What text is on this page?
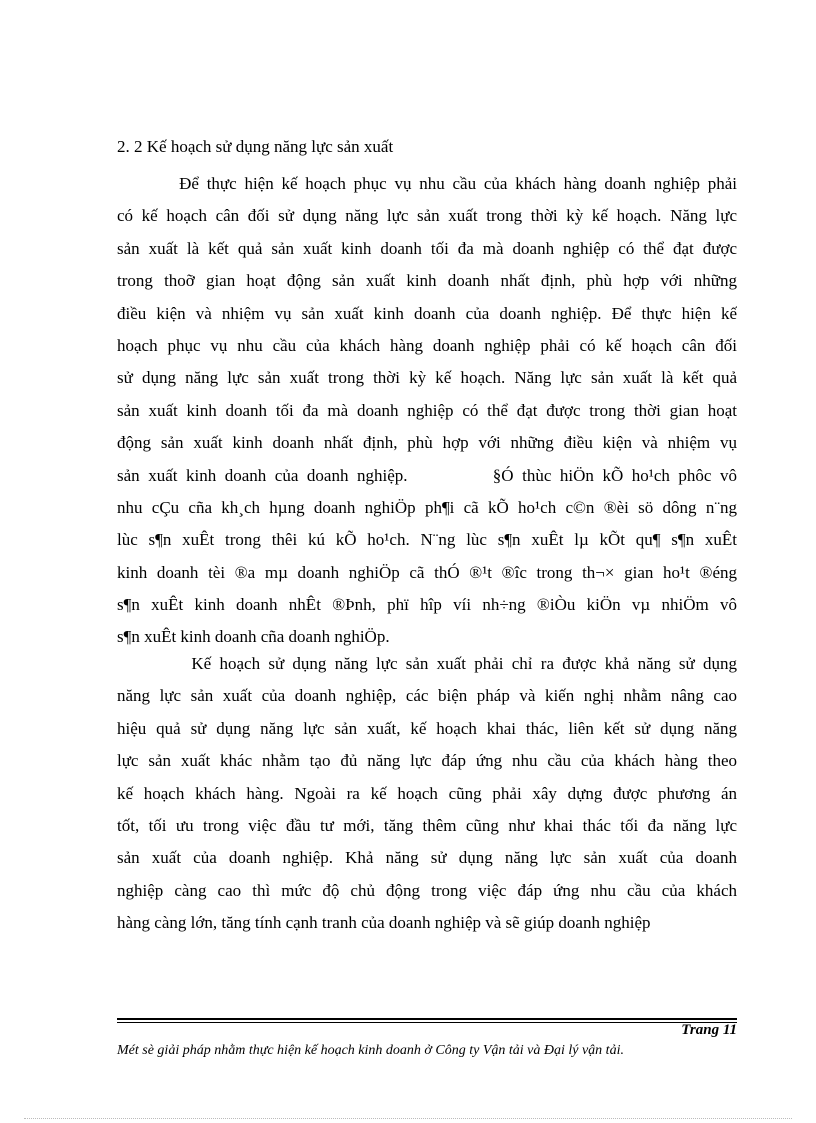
2. 2 Kế hoạch sử dụng năng lực sản xuất
Để thực hiện kế hoạch phục vụ nhu cầu của khách hàng doanh nghiệp phải
có kế hoạch cân đối sử dụng năng lực sản xuất trong thời kỳ kế hoạch. Năng lực
sản xuất là kết quả sản xuất kinh doanh tối đa mà doanh nghiệp có thể đạt được
trong thoỡ gian hoạt động sản xuất kinh doanh nhất định, phù hợp với những
điều kiện và nhiệm vụ sản xuất kinh doanh của doanh nghiệp. Để thực hiện kế
hoạch phục vụ nhu cầu của khách hàng doanh nghiệp phải có kế hoạch cân đối
sử dụng năng lực sản xuất trong thời kỳ kế hoạch. Năng lực sản xuất là kết quả
sản xuất kinh doanh tối đa mà doanh nghiệp có thể đạt được trong thời gian hoạt
động sản xuất kinh doanh nhất định, phù hợp với những điều kiện và nhiệm vụ
sản xuất kinh doanh của doanh nghiệp.          §Ó thùc hiÖn kÕ ho¹ch phôc vô
nhu cÇu cña kh¸ch hµng doanh nghiÖp ph¶i cã kÕ ho¹ch c©n ®èi sö dông n¨ng
lùc s¶n xuÊt trong thêi kú kÕ ho¹ch. N¨ng lùc s¶n xuÊt lµ kÕt qu¶ s¶n xuÊt
kinh doanh tèi ®a mµ doanh nghiÖp cã thÓ ®¹t ®îc trong th¬× gian ho¹t ®éng
s¶n xuÊt kinh doanh nhÊt ®Þnh, phï hîp víi nh÷ng ®iÒu kiÖn vµ nhiÖm vô
s¶n xuÊt kinh doanh cña doanh nghiÖp.
Kế hoạch sử dụng năng lực sản xuất phải chỉ ra được khả năng sử dụng
năng lực sản xuất của doanh nghiệp, các biện pháp và kiến nghị nhằm nâng cao
hiệu quả sử dụng năng lực sản xuất, kế hoạch khai thác, liên kết sử dụng năng
lực sản xuất khác nhằm tạo đủ năng lực đáp ứng nhu cầu của khách hàng theo
kế hoạch khách hàng. Ngoài ra kế hoạch cũng phải xây dựng được phương án
tốt, tối ưu trong việc đầu tư mới, tăng thêm cũng như khai thác tối đa năng lực
sản xuất của doanh nghiệp. Khả năng sử dụng năng lực sản xuất của doanh
nghiệp càng cao thì mức độ chủ động trong việc đáp ứng nhu cầu của khách
hàng càng lớn, tăng tính cạnh tranh của doanh nghiệp và sẽ giúp doanh nghiệp
Trang 11
Mét sè giải pháp nhằm thực hiện kế hoạch kinh doanh ở Công ty Vận tải và Đại lý vận tải.
